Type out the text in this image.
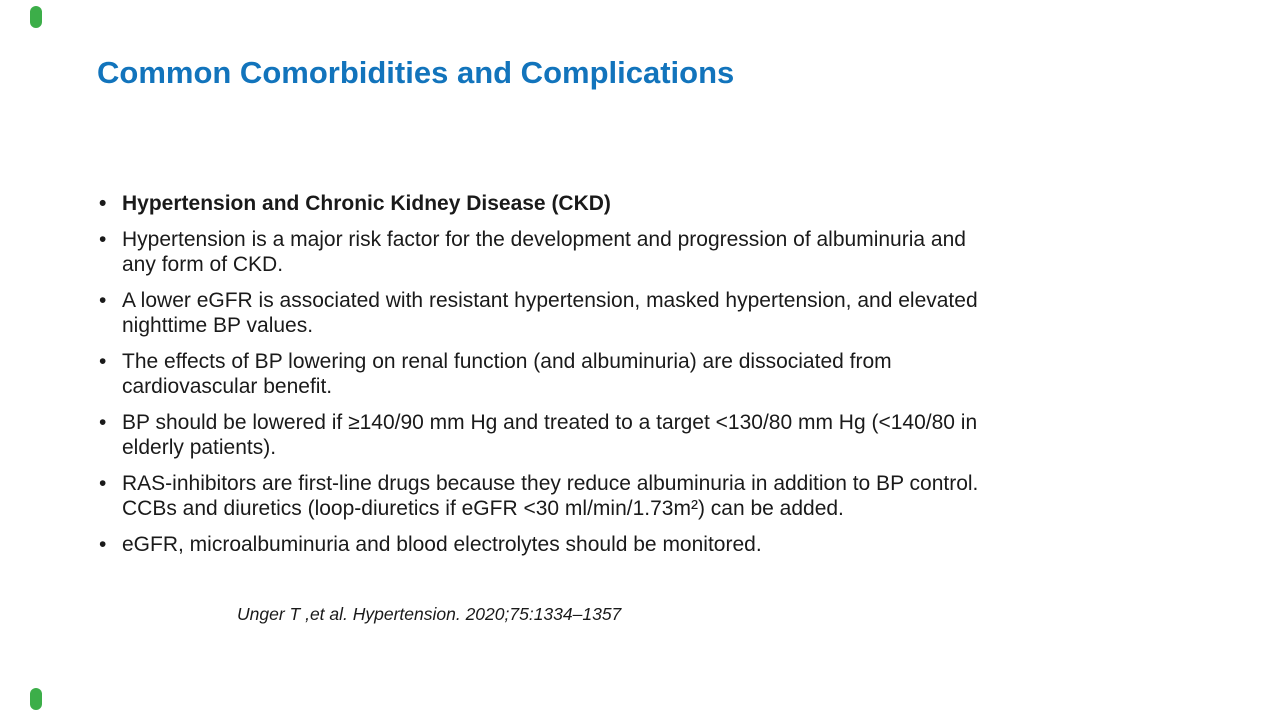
Common Comorbidities and Complications
• Hypertension and Chronic Kidney Disease (CKD)
• Hypertension is a major risk factor for the development and progression of albuminuria and
any form of CKD.
• A lower eGFR is associated with resistant hypertension, masked hypertension, and elevated
nighttime BP values.
• The effects of BP lowering on renal function (and albuminuria) are dissociated from
cardiovascular benefit.
• BP should be lowered if ≥140/90 mm Hg and treated to a target <130/80 mm Hg (<140/80 in
elderly patients).
• RAS-inhibitors are first-line drugs because they reduce albuminuria in addition to BP control.
CCBs and diuretics (loop-diuretics if eGFR <30 ml/min/1.73m²) can be added.
• eGFR, microalbuminuria and blood electrolytes should be monitored.

Unger T ,et al. Hypertension. 2020;75:1334–1357
